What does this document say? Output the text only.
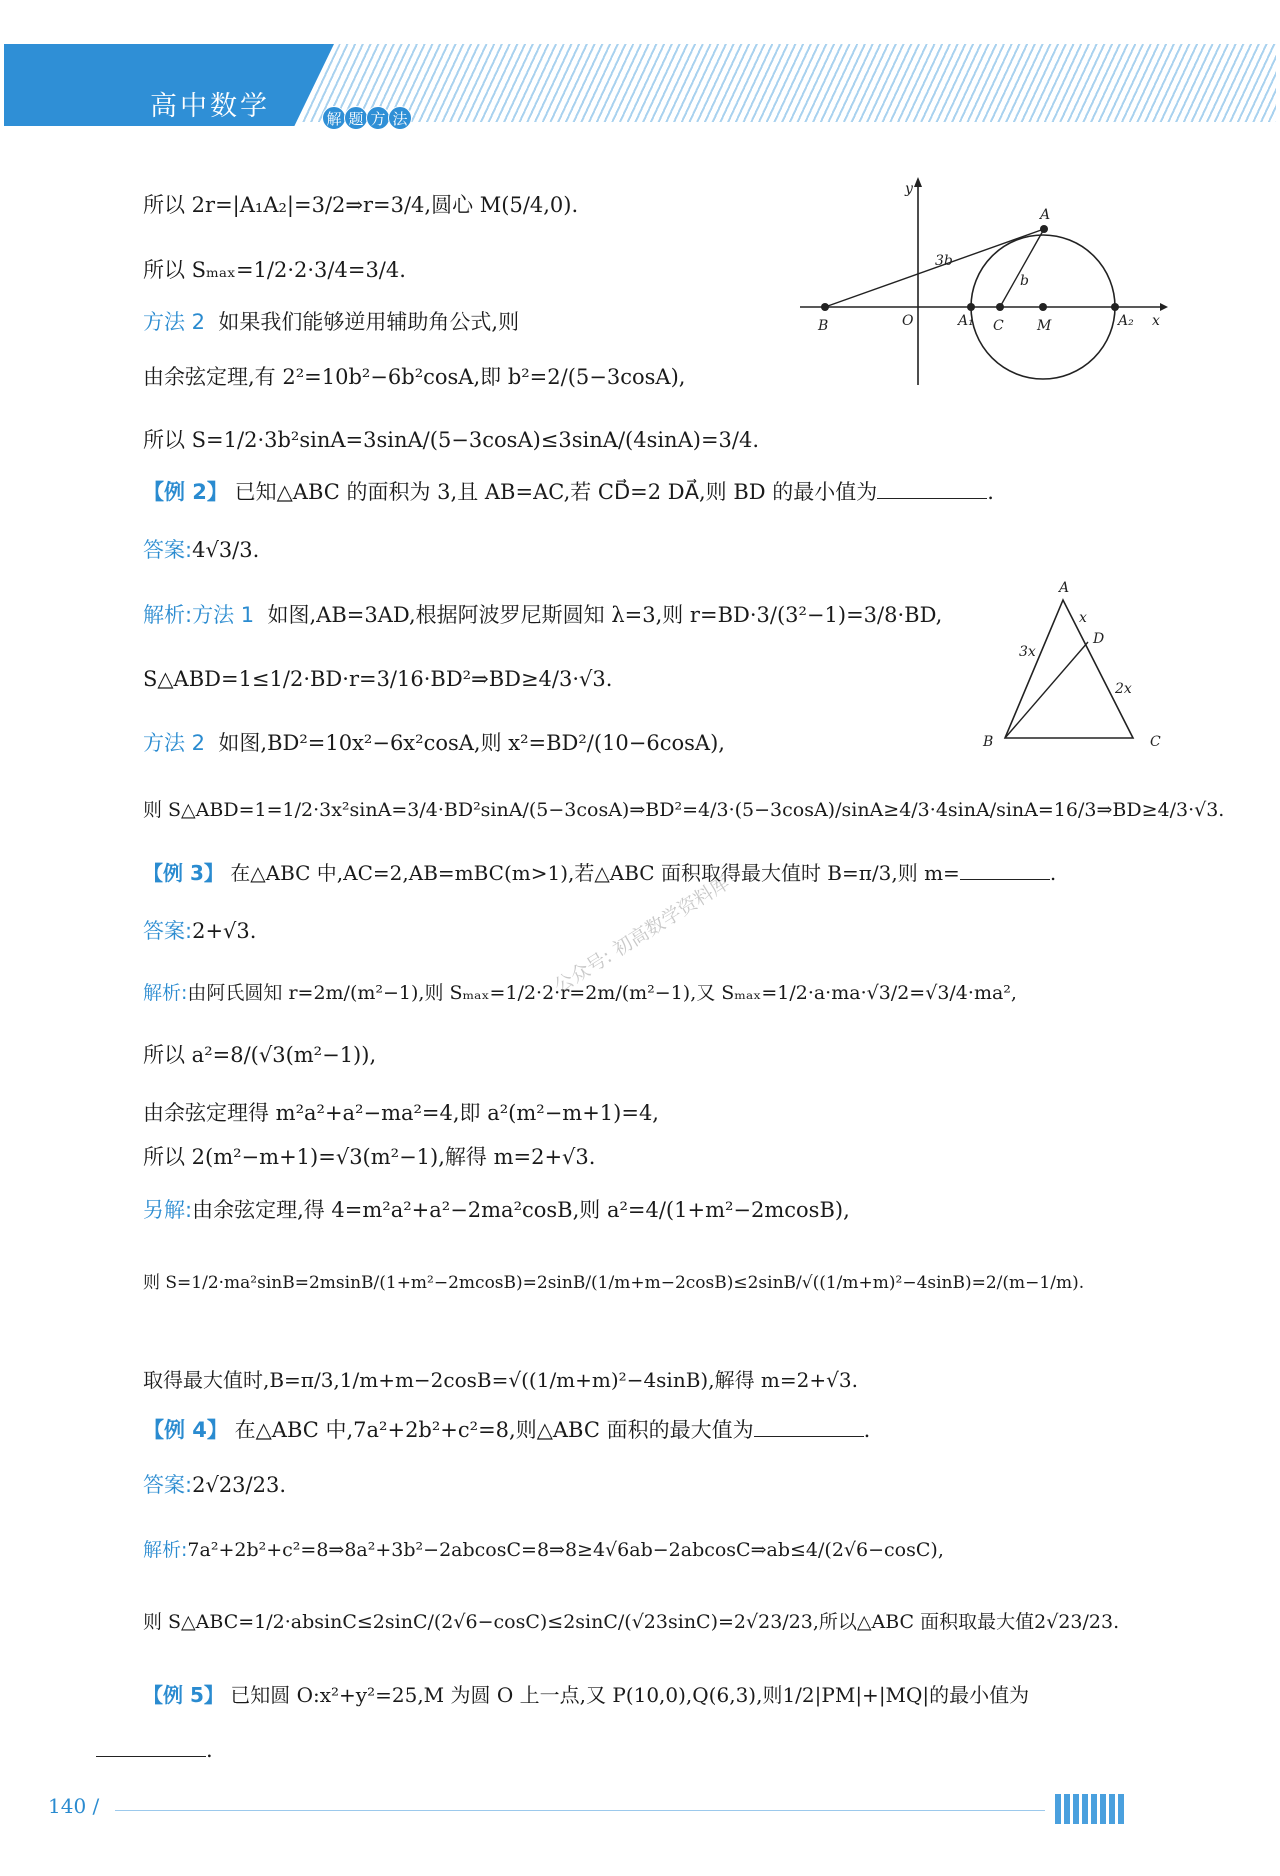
高中数学	解 题 方 法
公众号: 初高数学资料库
所以 2r=|A₁A₂|=3/2⇒r=3/4,圆心 M(5/4,0).
所以 Sₘₐₓ=1/2·2·3/4=3/4.
方法 2 如果我们能够逆用辅助角公式,则
由余弦定理,有 2²=10b²−6b²cosA,即 b²=2/(5−3cosA),
所以 S=1/2·3b²sinA=3sinA/(5−3cosA)≤3sinA/(4sinA)=3/4.
【例 2】 已知△ABC 的面积为 3,且 AB=AC,若 CD⃗=2 DA⃗,则 BD 的最小值为	.
答案:4√3/3.
解析:方法 1 如图,AB=3AD,根据阿波罗尼斯圆知 λ=3,则 r=BD·3/(3²−1)=3/8·BD,
S△ABD=1≤1/2·BD·r=3/16·BD²⇒BD≥4/3·√3.
方法 2 如图,BD²=10x²−6x²cosA,则 x²=BD²/(10−6cosA),
则 S△ABD=1=1/2·3x²sinA=3/4·BD²sinA/(5−3cosA)⇒BD²=4/3·(5−3cosA)/sinA≥4/3·4sinA/sinA=16/3⇒BD≥4/3·√3.
【例 3】 在△ABC 中,AC=2,AB=mBC(m>1),若△ABC 面积取得最大值时 B=π/3,则 m=	.
答案:2+√3.
解析:由阿氏圆知 r=2m/(m²−1),则 Sₘₐₓ=1/2·2·r=2m/(m²−1),又 Sₘₐₓ=1/2·a·ma·√3/2=√3/4·ma²,
所以 a²=8/(√3(m²−1)),
由余弦定理得 m²a²+a²−ma²=4,即 a²(m²−m+1)=4,
所以 2(m²−m+1)=√3(m²−1),解得 m=2+√3.
另解:由余弦定理,得 4=m²a²+a²−2ma²cosB,则 a²=4/(1+m²−2mcosB),
则 S=1/2·ma²sinB=2msinB/(1+m²−2mcosB)=2sinB/(1/m+m−2cosB)≤2sinB/√((1/m+m)²−4sinB)=2/(m−1/m).
取得最大值时,B=π/3,1/m+m−2cosB=√((1/m+m)²−4sinB),解得 m=2+√3.
【例 4】 在△ABC 中,7a²+2b²+c²=8,则△ABC 面积的最大值为	.
答案:2√23/23.
解析:7a²+2b²+c²=8⇒8a²+3b²−2abcosC=8⇒8≥4√6ab−2abcosC⇒ab≤4/(2√6−cosC),
则 S△ABC=1/2·absinC≤2sinC/(2√6−cosC)≤2sinC/(√23sinC)=2√23/23,所以△ABC 面积取最大值2√23/23.
【例 5】 已知圆 O:x²+y²=25,M 为圆 O 上一点,又 P(10,0),Q(6,3),则1/2|PM|+|MQ|的最小值为
.
y
x
A
3b
b
B	O	A₁ C M	A₂
A
x
3x
D
2x
B	C
140 /
